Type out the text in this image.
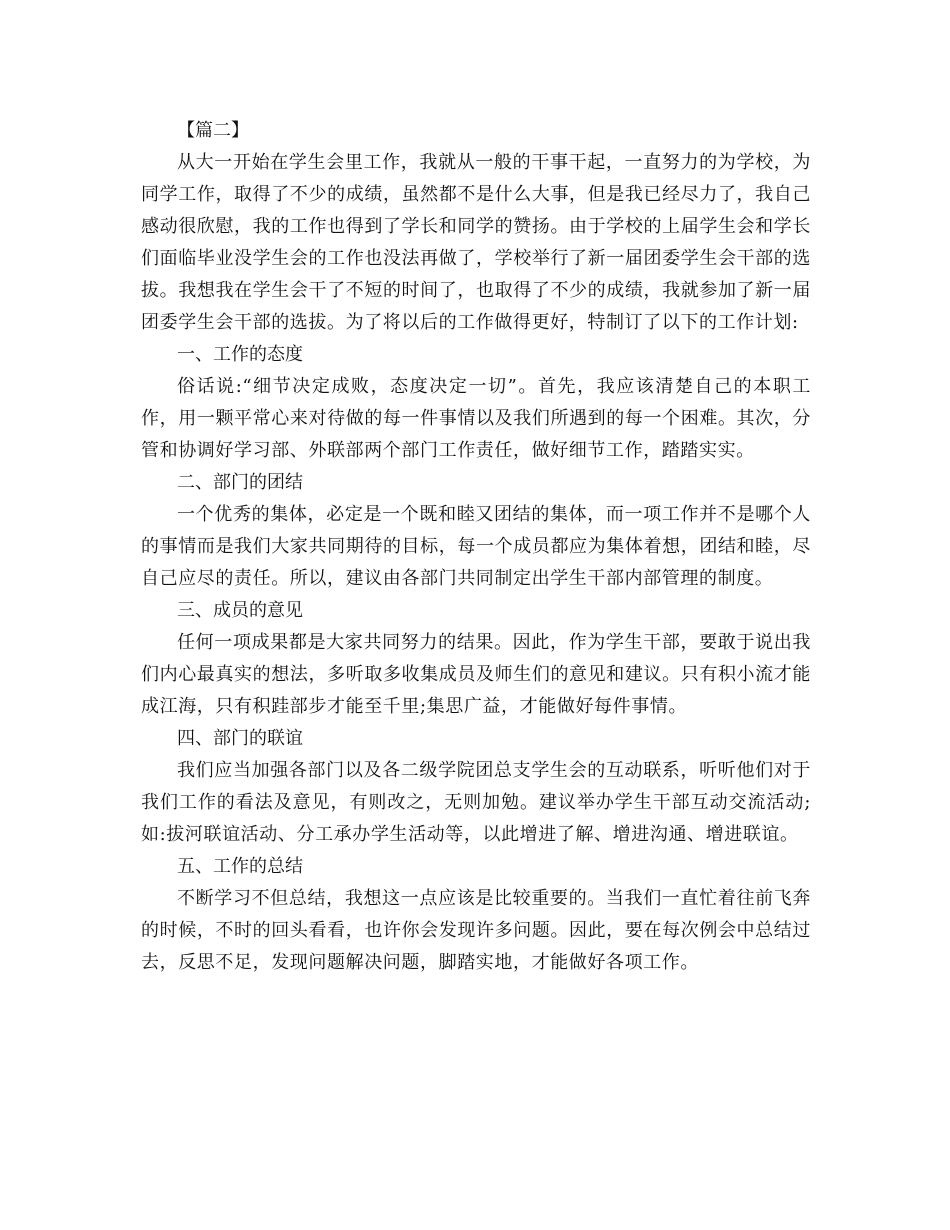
【篇二】

从大一开始在学生会里工作，我就从一般的干事干起，一直努力的为学校，为同学工作，取得了不少的成绩，虽然都不是什么大事，但是我已经尽力了，我自己感动很欣慰，我的工作也得到了学长和同学的赞扬。由于学校的上届学生会和学长们面临毕业没学生会的工作也没法再做了，学校举行了新一届团委学生会干部的选拔。我想我在学生会干了不短的时间了，也取得了不少的成绩，我就参加了新一届团委学生会干部的选拔。为了将以后的工作做得更好，特制订了以下的工作计划:

一、工作的态度

俗话说:“细节决定成败，态度决定一切”。首先，我应该清楚自己的本职工作，用一颗平常心来对待做的每一件事情以及我们所遇到的每一个困难。其次，分管和协调好学习部、外联部两个部门工作责任，做好细节工作，踏踏实实。

二、部门的团结

一个优秀的集体，必定是一个既和睦又团结的集体，而一项工作并不是哪个人的事情而是我们大家共同期待的目标，每一个成员都应为集体着想，团结和睦，尽自己应尽的责任。所以，建议由各部门共同制定出学生干部内部管理的制度。

三、成员的意见

任何一项成果都是大家共同努力的结果。因此，作为学生干部，要敢于说出我们内心最真实的想法，多听取多收集成员及师生们的意见和建议。只有积小流才能成江海，只有积跬部步才能至千里;集思广益，才能做好每件事情。

四、部门的联谊

我们应当加强各部门以及各二级学院团总支学生会的互动联系，听听他们对于我们工作的看法及意见，有则改之，无则加勉。建议举办学生干部互动交流活动;如:拔河联谊活动、分工承办学生活动等，以此增进了解、增进沟通、增进联谊。

五、工作的总结

不断学习不但总结，我想这一点应该是比较重要的。当我们一直忙着往前飞奔的时候，不时的回头看看，也许你会发现许多问题。因此，要在每次例会中总结过去，反思不足，发现问题解决问题，脚踏实地，才能做好各项工作。
